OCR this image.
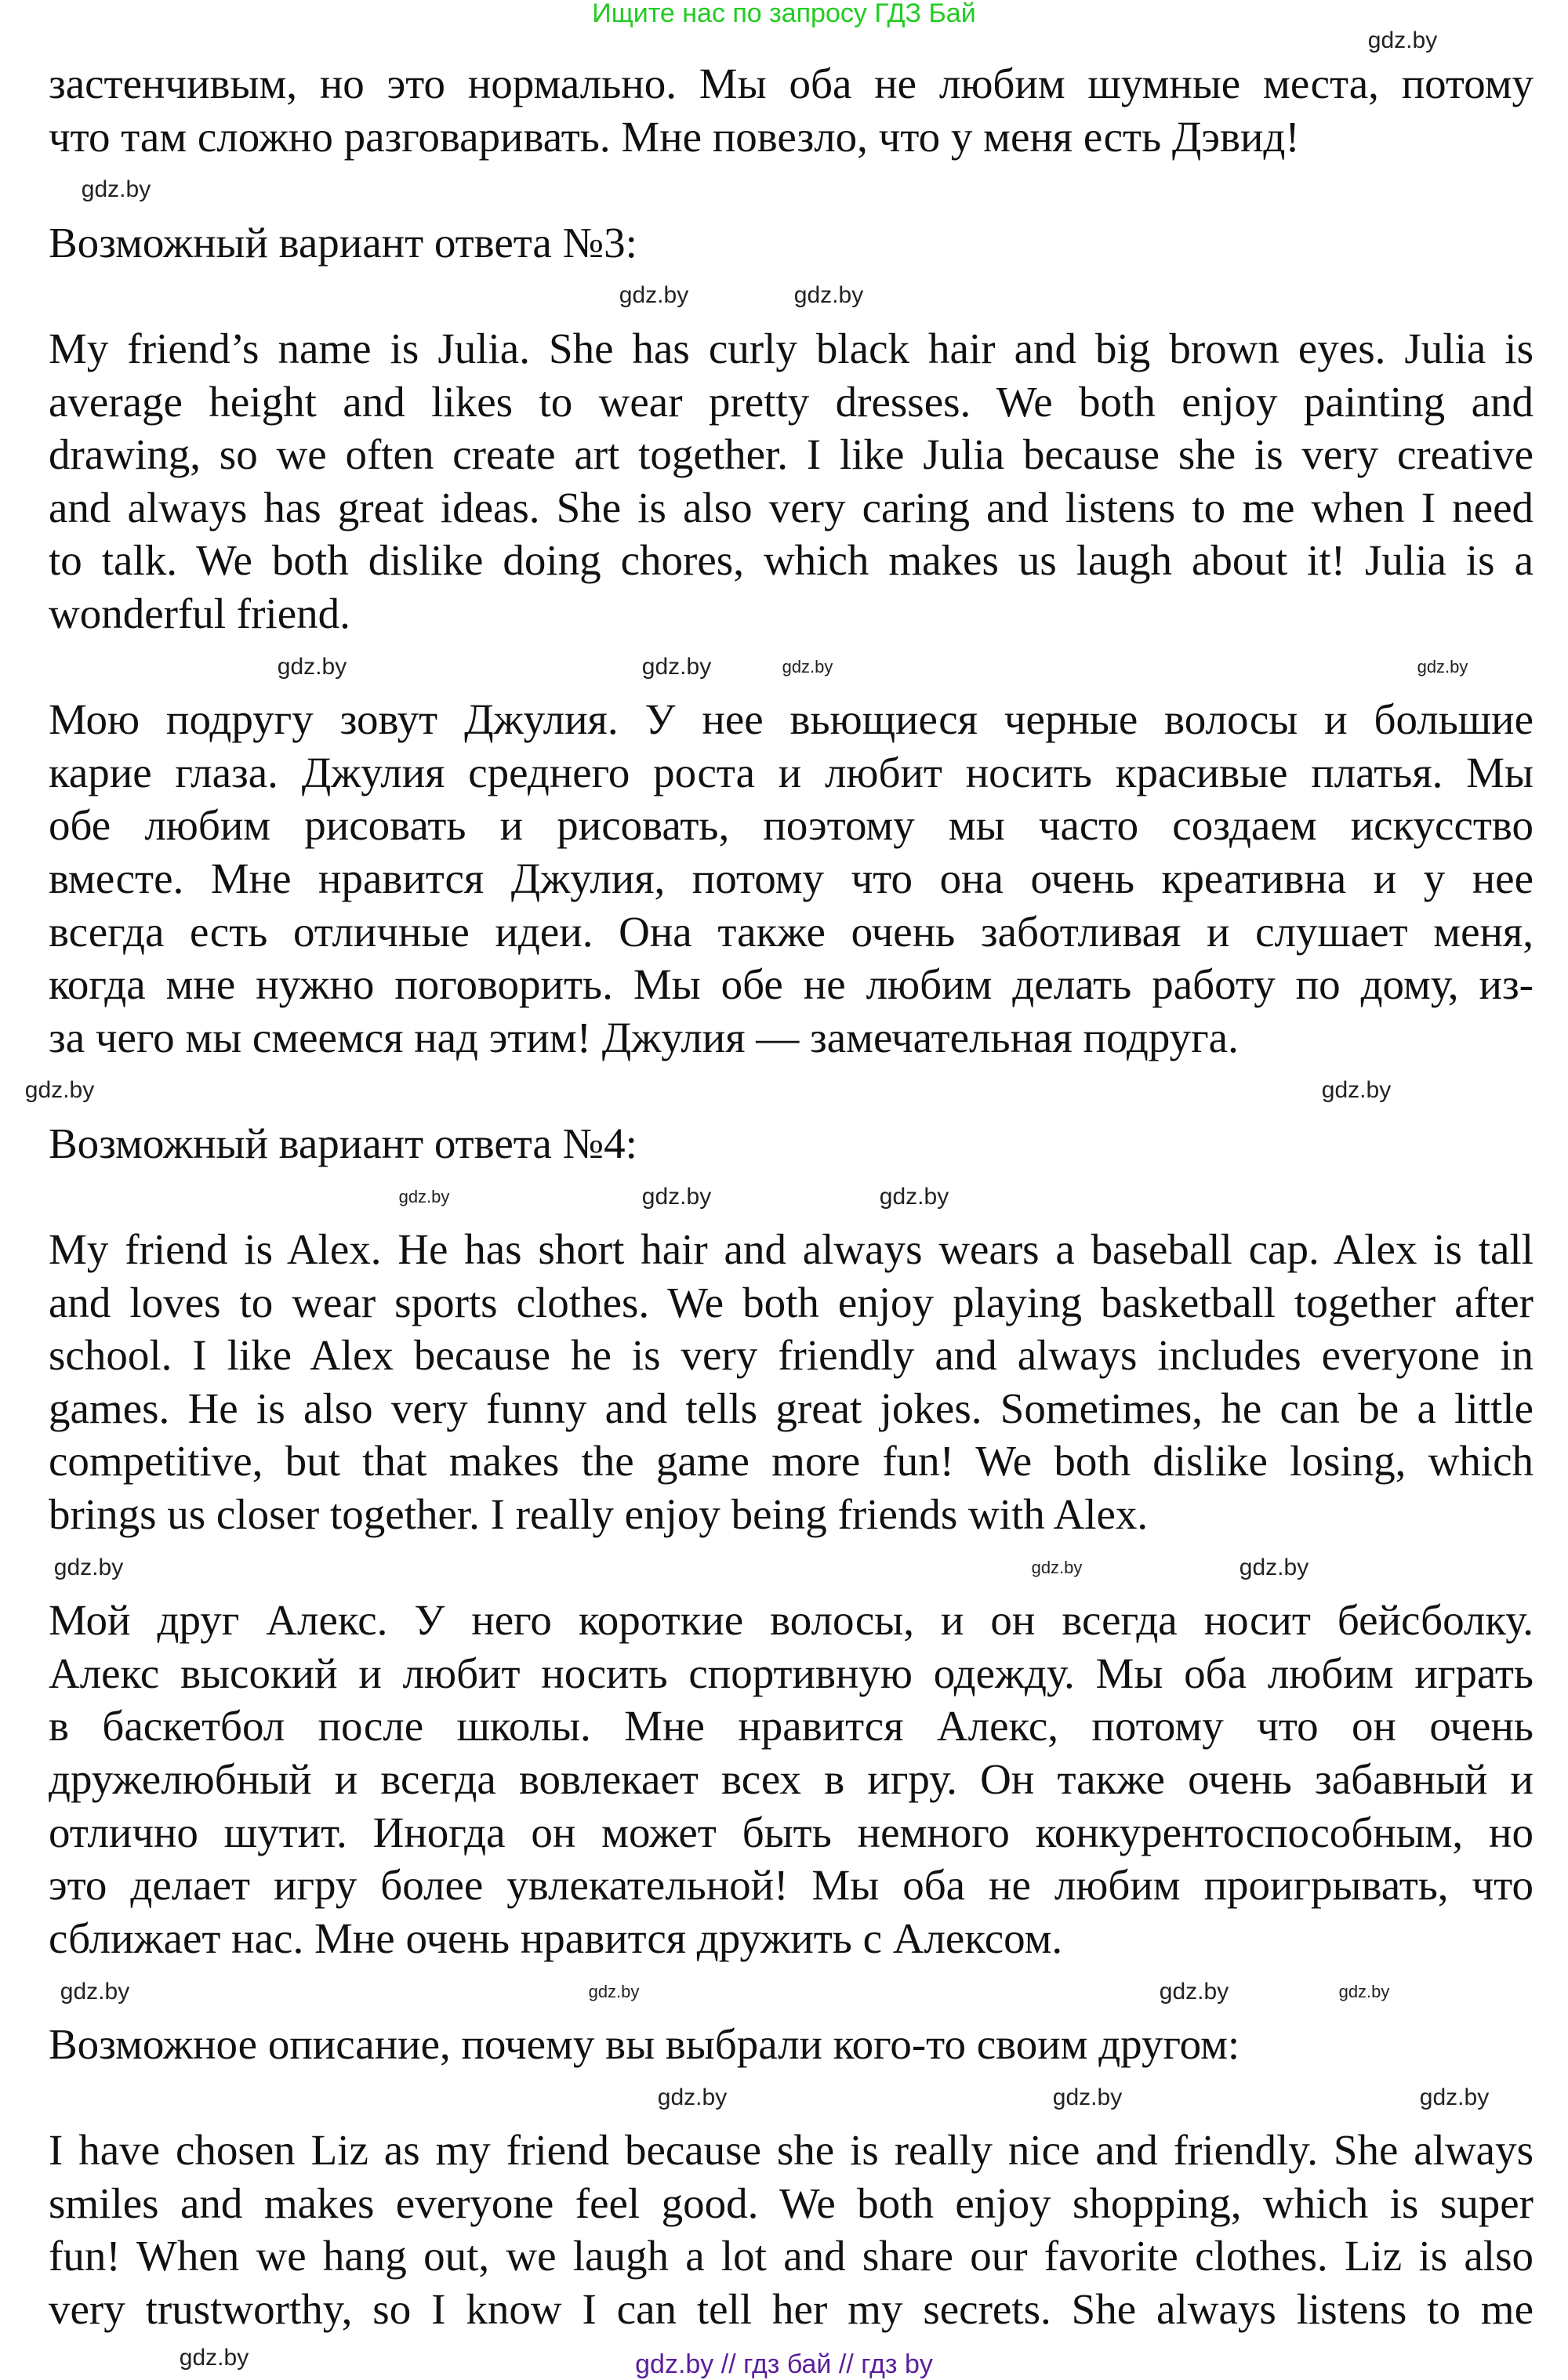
Ищите нас по запросу ГДЗ Бай
застенчивым, но это нормально. Мы оба не любим шумные места, потому
что там сложно разговаривать. Мне повезло, что у меня есть Дэвид!
Возможный вариант ответа №3:
My friend’s name is Julia. She has curly black hair and big brown eyes. Julia is
average height and likes to wear pretty dresses. We both enjoy painting and
drawing, so we often create art together. I like Julia because she is very creative
and always has great ideas. She is also very caring and listens to me when I need
to talk. We both dislike doing chores, which makes us laugh about it! Julia is a
wonderful friend.
Мою подругу зовут Джулия. У нее вьющиеся черные волосы и большие
карие глаза. Джулия среднего роста и любит носить красивые платья. Мы
обе любим рисовать и рисовать, поэтому мы часто создаем искусство
вместе. Мне нравится Джулия, потому что она очень креативна и у нее
всегда есть отличные идеи. Она также очень заботливая и слушает меня,
когда мне нужно поговорить. Мы обе не любим делать работу по дому, из-
за чего мы смеемся над этим! Джулия — замечательная подруга.
Возможный вариант ответа №4:
My friend is Alex. He has short hair and always wears a baseball cap. Alex is tall
and loves to wear sports clothes. We both enjoy playing basketball together after
school. I like Alex because he is very friendly and always includes everyone in
games. He is also very funny and tells great jokes. Sometimes, he can be a little
competitive, but that makes the game more fun! We both dislike losing, which
brings us closer together. I really enjoy being friends with Alex.
Мой друг Алекс. У него короткие волосы, и он всегда носит бейсболку.
Алекс высокий и любит носить спортивную одежду. Мы оба любим играть
в баскетбол после школы. Мне нравится Алекс, потому что он очень
дружелюбный и всегда вовлекает всех в игру. Он также очень забавный и
отлично шутит. Иногда он может быть немного конкурентоспособным, но
это делает игру более увлекательной! Мы оба не любим проигрывать, что
сближает нас. Мне очень нравится дружить с Алексом.
Возможное описание, почему вы выбрали кого-то своим другом:
I have chosen Liz as my friend because she is really nice and friendly. She always
smiles and makes everyone feel good. We both enjoy shopping, which is super
fun! When we hang out, we laugh a lot and share our favorite clothes. Liz is also
very trustworthy, so I know I can tell her my secrets. She always listens to me
gdz.by
gdz.by
gdz.by
gdz.by
gdz.by
gdz.by	gdz.by
gdz.by
gdz.by
gdz.by
gdz.by
gdz.by
gdz.by
gdz.by	gdz.by
gdz.by
gdz.by
gdz.by	gdz.by
gdz.by
gdz.by
gdz.by	gdz.by
gdz.by	gdz.by // гдз бай // гдз by
